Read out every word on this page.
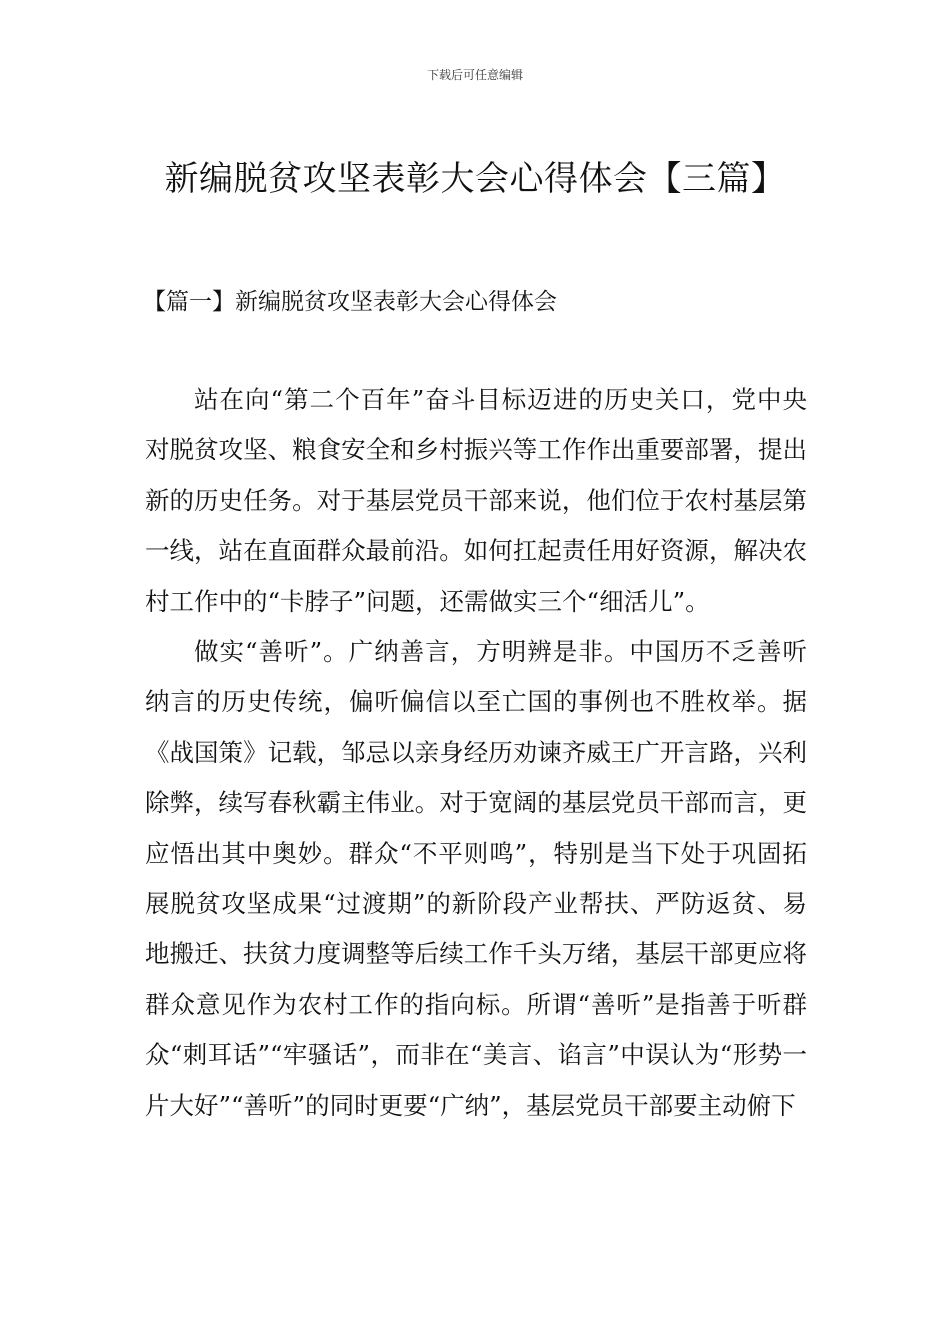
下载后可任意编辑
新编脱贫攻坚表彰大会心得体会【三篇】
【篇一】新编脱贫攻坚表彰大会心得体会

站在向“第二个百年”奋斗目标迈进的历史关口，党中央对脱贫攻坚、粮食安全和乡村振兴等工作作出重要部署，提出新的历史任务。对于基层党员干部来说，他们位于农村基层第一线，站在直面群众最前沿。如何扛起责任用好资源，解决农村工作中的“卡脖子”问题，还需做实三个“细活儿”。

做实“善听”。广纳善言，方明辨是非。中国历不乏善听纳言的历史传统，偏听偏信以至亡国的事例也不胜枚举。据《战国策》记载，邹忌以亲身经历劝谏齐威王广开言路，兴利除弊，续写春秋霸主伟业。对于宽阔的基层党员干部而言，更应悟出其中奥妙。群众“不平则鸣”，特别是当下处于巩固拓展脱贫攻坚成果“过渡期”的新阶段产业帮扶、严防返贫、易地搬迁、扶贫力度调整等后续工作千头万绪，基层干部更应将群众意见作为农村工作的指向标。所谓“善听”是指善于听群众“刺耳话”“牢骚话”，而非在“美言、谄言”中误认为“形势一片大好”“善听”的同时更要“广纳”，基层党员干部要主动俯下
